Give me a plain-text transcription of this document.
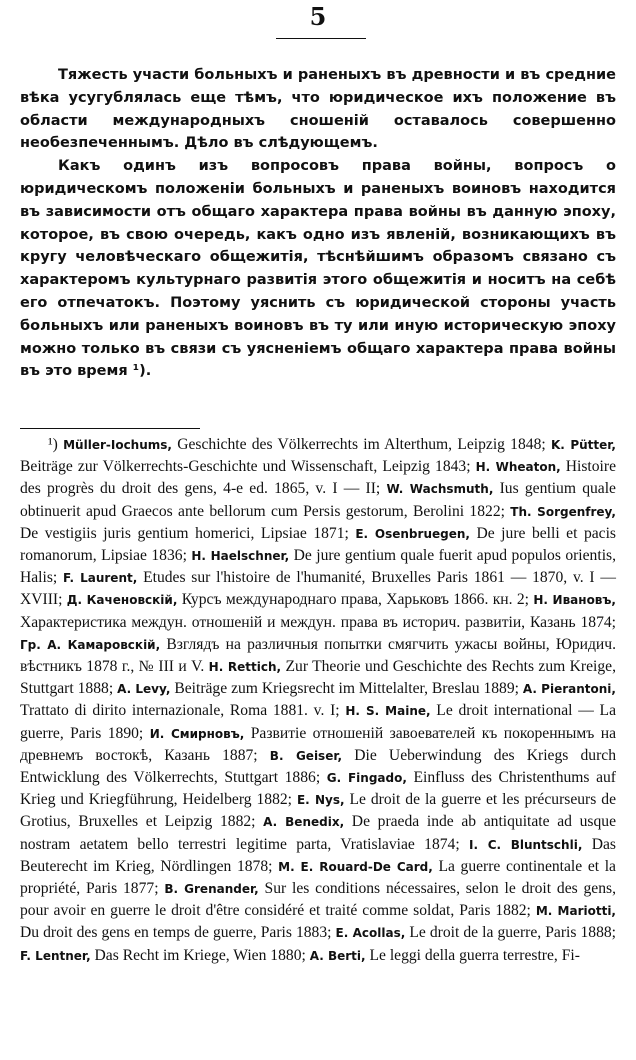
5

Тяжесть участи больныхъ и раненыхъ въ древности и въ средние вѣка усугублялась еще тѣмъ, что юридическое ихъ положение въ области международныхъ сношеній оставалось совершенно необезпеченнымъ. Дѣло въ слѣдующемъ.

Какъ одинъ изъ вопросовъ права войны, вопросъ о юридическомъ положеніи больныхъ и раненыхъ воиновъ находится въ зависимости отъ общаго характера права войны въ данную эпоху, которое, въ свою очередь, какъ одно изъ явленій, возникающихъ въ кругу человѣческаго общежитія, тѣснѣйшимъ образомъ связано съ характеромъ культурнаго развитія этого общежитія и носитъ на себѣ его отпечатокъ. Поэтому уяснить съ юридической стороны участь больныхъ или раненыхъ воиновъ въ ту или иную историческую эпоху можно только въ связи съ уясненіемъ общаго характера права войны въ это время ¹).

¹) Müller-Iochums, Geschichte des Völkerrechts im Alterthum, Leipzig 1848; K. Pütter, Beiträge zur Völkerrechts-Geschichte und Wissenschaft, Leipzig 1843; H. Wheaton, Histoire des progrès du droit des gens, 4-e ed. 1865, v. I — II; W. Wachsmuth, Ius gentium quale obtinuerit apud Graecos ante bellorum cum Persis gestorum, Berolini 1822; Th. Sorgenfrey, De vestigiis juris gentium homerici, Lipsiae 1871; E. Osenbruegen, De jure belli et pacis romanorum, Lipsiae 1836; H. Haelschner, De jure gentium quale fuerit apud populos orientis, Halis; F. Laurent, Etudes sur l'histoire de l'humanité, Bruxelles Paris 1861 — 1870, v. I — XVIII; Д. Каченовскій, Курсъ международнаго права, Харьковъ 1866. кн. 2; Н. Ивановъ, Характеристика междун. отношеній и междун. права въ историч. развитіи, Казань 1874; Гр. А. Камаровскій, Взглядъ на различныя попытки смягчить ужасы войны, Юридич. вѣстникъ 1878 г., № III и V. H. Rettich, Zur Theorie und Geschichte des Rechts zum Kreige, Stuttgart 1888; A. Levy, Beiträge zum Kriegsrecht im Mittelalter, Breslau 1889; A. Pierantoni, Trattato di dirito internazionale, Roma 1881. v. I; H. S. Maine, Le droit international — La guerre, Paris 1890; И. Смирновъ, Развитіе отношеній завоевателей къ покореннымъ на древнемъ востокѣ, Казань 1887; B. Geiser, Die Ueberwindung des Kriegs durch Entwicklung des Völkerrechts, Stuttgart 1886; G. Fingado, Einfluss des Christenthums auf Krieg und Kriegführung, Heidelberg 1882; E. Nys, Le droit de la guerre et les précurseurs de Grotius, Bruxelles et Leipzig 1882; A. Benedix, De praeda inde ab antiquitate ad usque nostram aetatem bello terrestri legitime parta, Vratislaviae 1874; I. C. Bluntschli, Das Beuterecht im Krieg, Nördlingen 1878; M. E. Rouard-De Card, La guerre continentale et la propriété, Paris 1877; B. Grenander, Sur les conditions nécessaires, selon le droit des gens, pour avoir en guerre le droit d'être considéré et traité comme soldat, Paris 1882; M. Mariotti, Du droit des gens en temps de guerre, Paris 1883; E. Acollas, Le droit de la guerre, Paris 1888; F. Lentner, Das Recht im Kriege, Wien 1880; A. Berti, Le leggi della guerra terrestre, Fi-
